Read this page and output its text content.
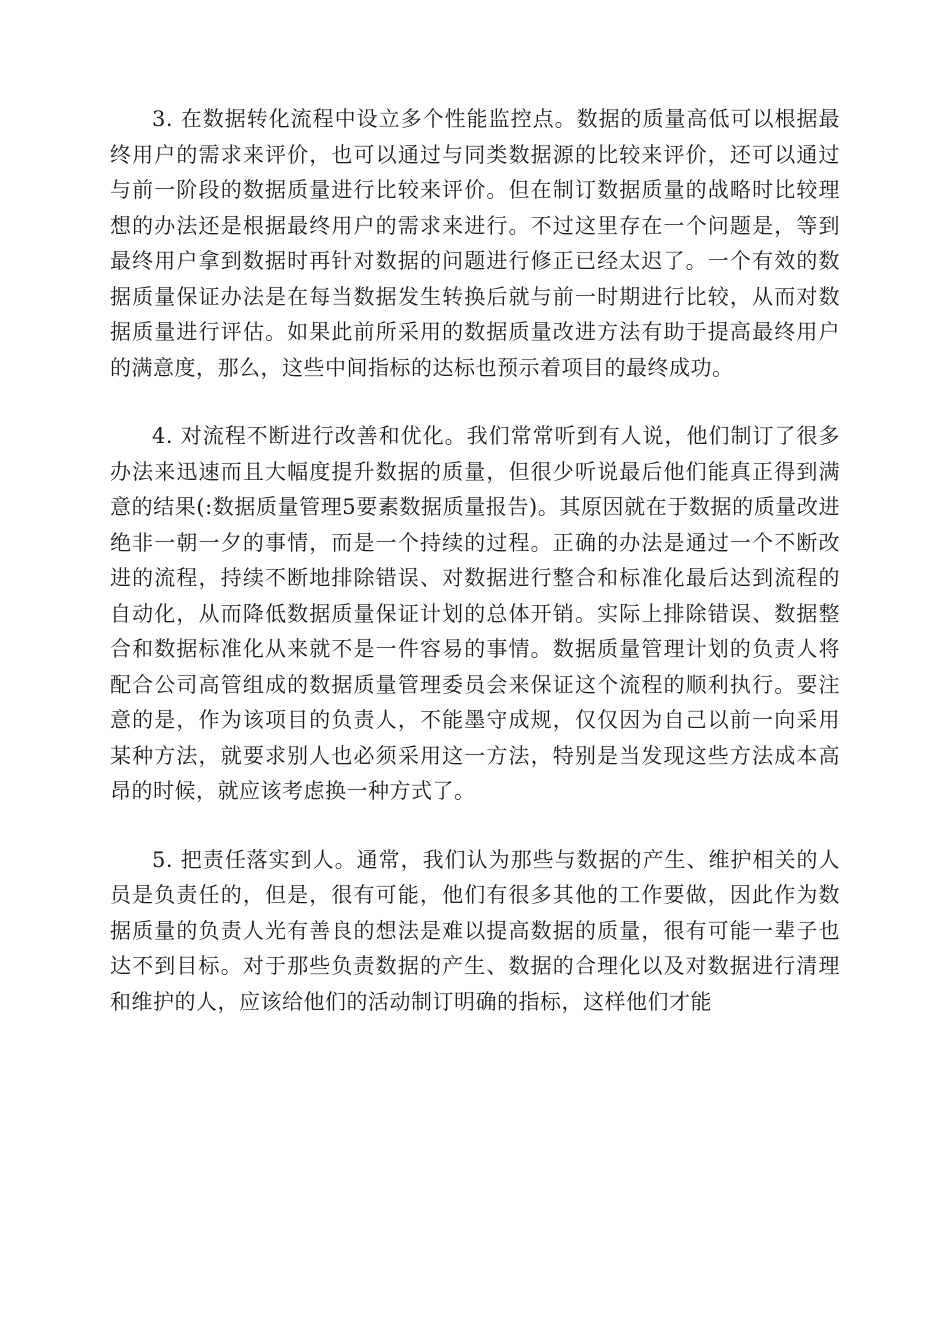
3. 在数据转化流程中设立多个性能监控点。数据的质量高低可以根据最终用户的需求来评价，也可以通过与同类数据源的比较来评价，还可以通过与前一阶段的数据质量进行比较来评价。但在制订数据质量的战略时比较理想的办法还是根据最终用户的需求来进行。不过这里存在一个问题是，等到最终用户拿到数据时再针对数据的问题进行修正已经太迟了。一个有效的数据质量保证办法是在每当数据发生转换后就与前一时期进行比较，从而对数据质量进行评估。如果此前所采用的数据质量改进方法有助于提高最终用户的满意度，那么，这些中间指标的达标也预示着项目的最终成功。

4. 对流程不断进行改善和优化。我们常常听到有人说，他们制订了很多办法来迅速而且大幅度提升数据的质量，但很少听说最后他们能真正得到满意的结果(:数据质量管理5要素数据质量报告)。其原因就在于数据的质量改进绝非一朝一夕的事情，而是一个持续的过程。正确的办法是通过一个不断改进的流程，持续不断地排除错误、对数据进行整合和标准化最后达到流程的自动化，从而降低数据质量保证计划的总体开销。实际上排除错误、数据整合和数据标准化从来就不是一件容易的事情。数据质量管理计划的负责人将配合公司高管组成的数据质量管理委员会来保证这个流程的顺利执行。要注意的是，作为该项目的负责人，不能墨守成规，仅仅因为自己以前一向采用某种方法，就要求别人也必须采用这一方法，特别是当发现这些方法成本高昂的时候，就应该考虑换一种方式了。

5. 把责任落实到人。通常，我们认为那些与数据的产生、维护相关的人员是负责任的，但是，很有可能，他们有很多其他的工作要做，因此作为数据质量的负责人光有善良的想法是难以提高数据的质量，很有可能一辈子也达不到目标。对于那些负责数据的产生、数据的合理化以及对数据进行清理和维护的人，应该给他们的活动制订明确的指标，这样他们才能
